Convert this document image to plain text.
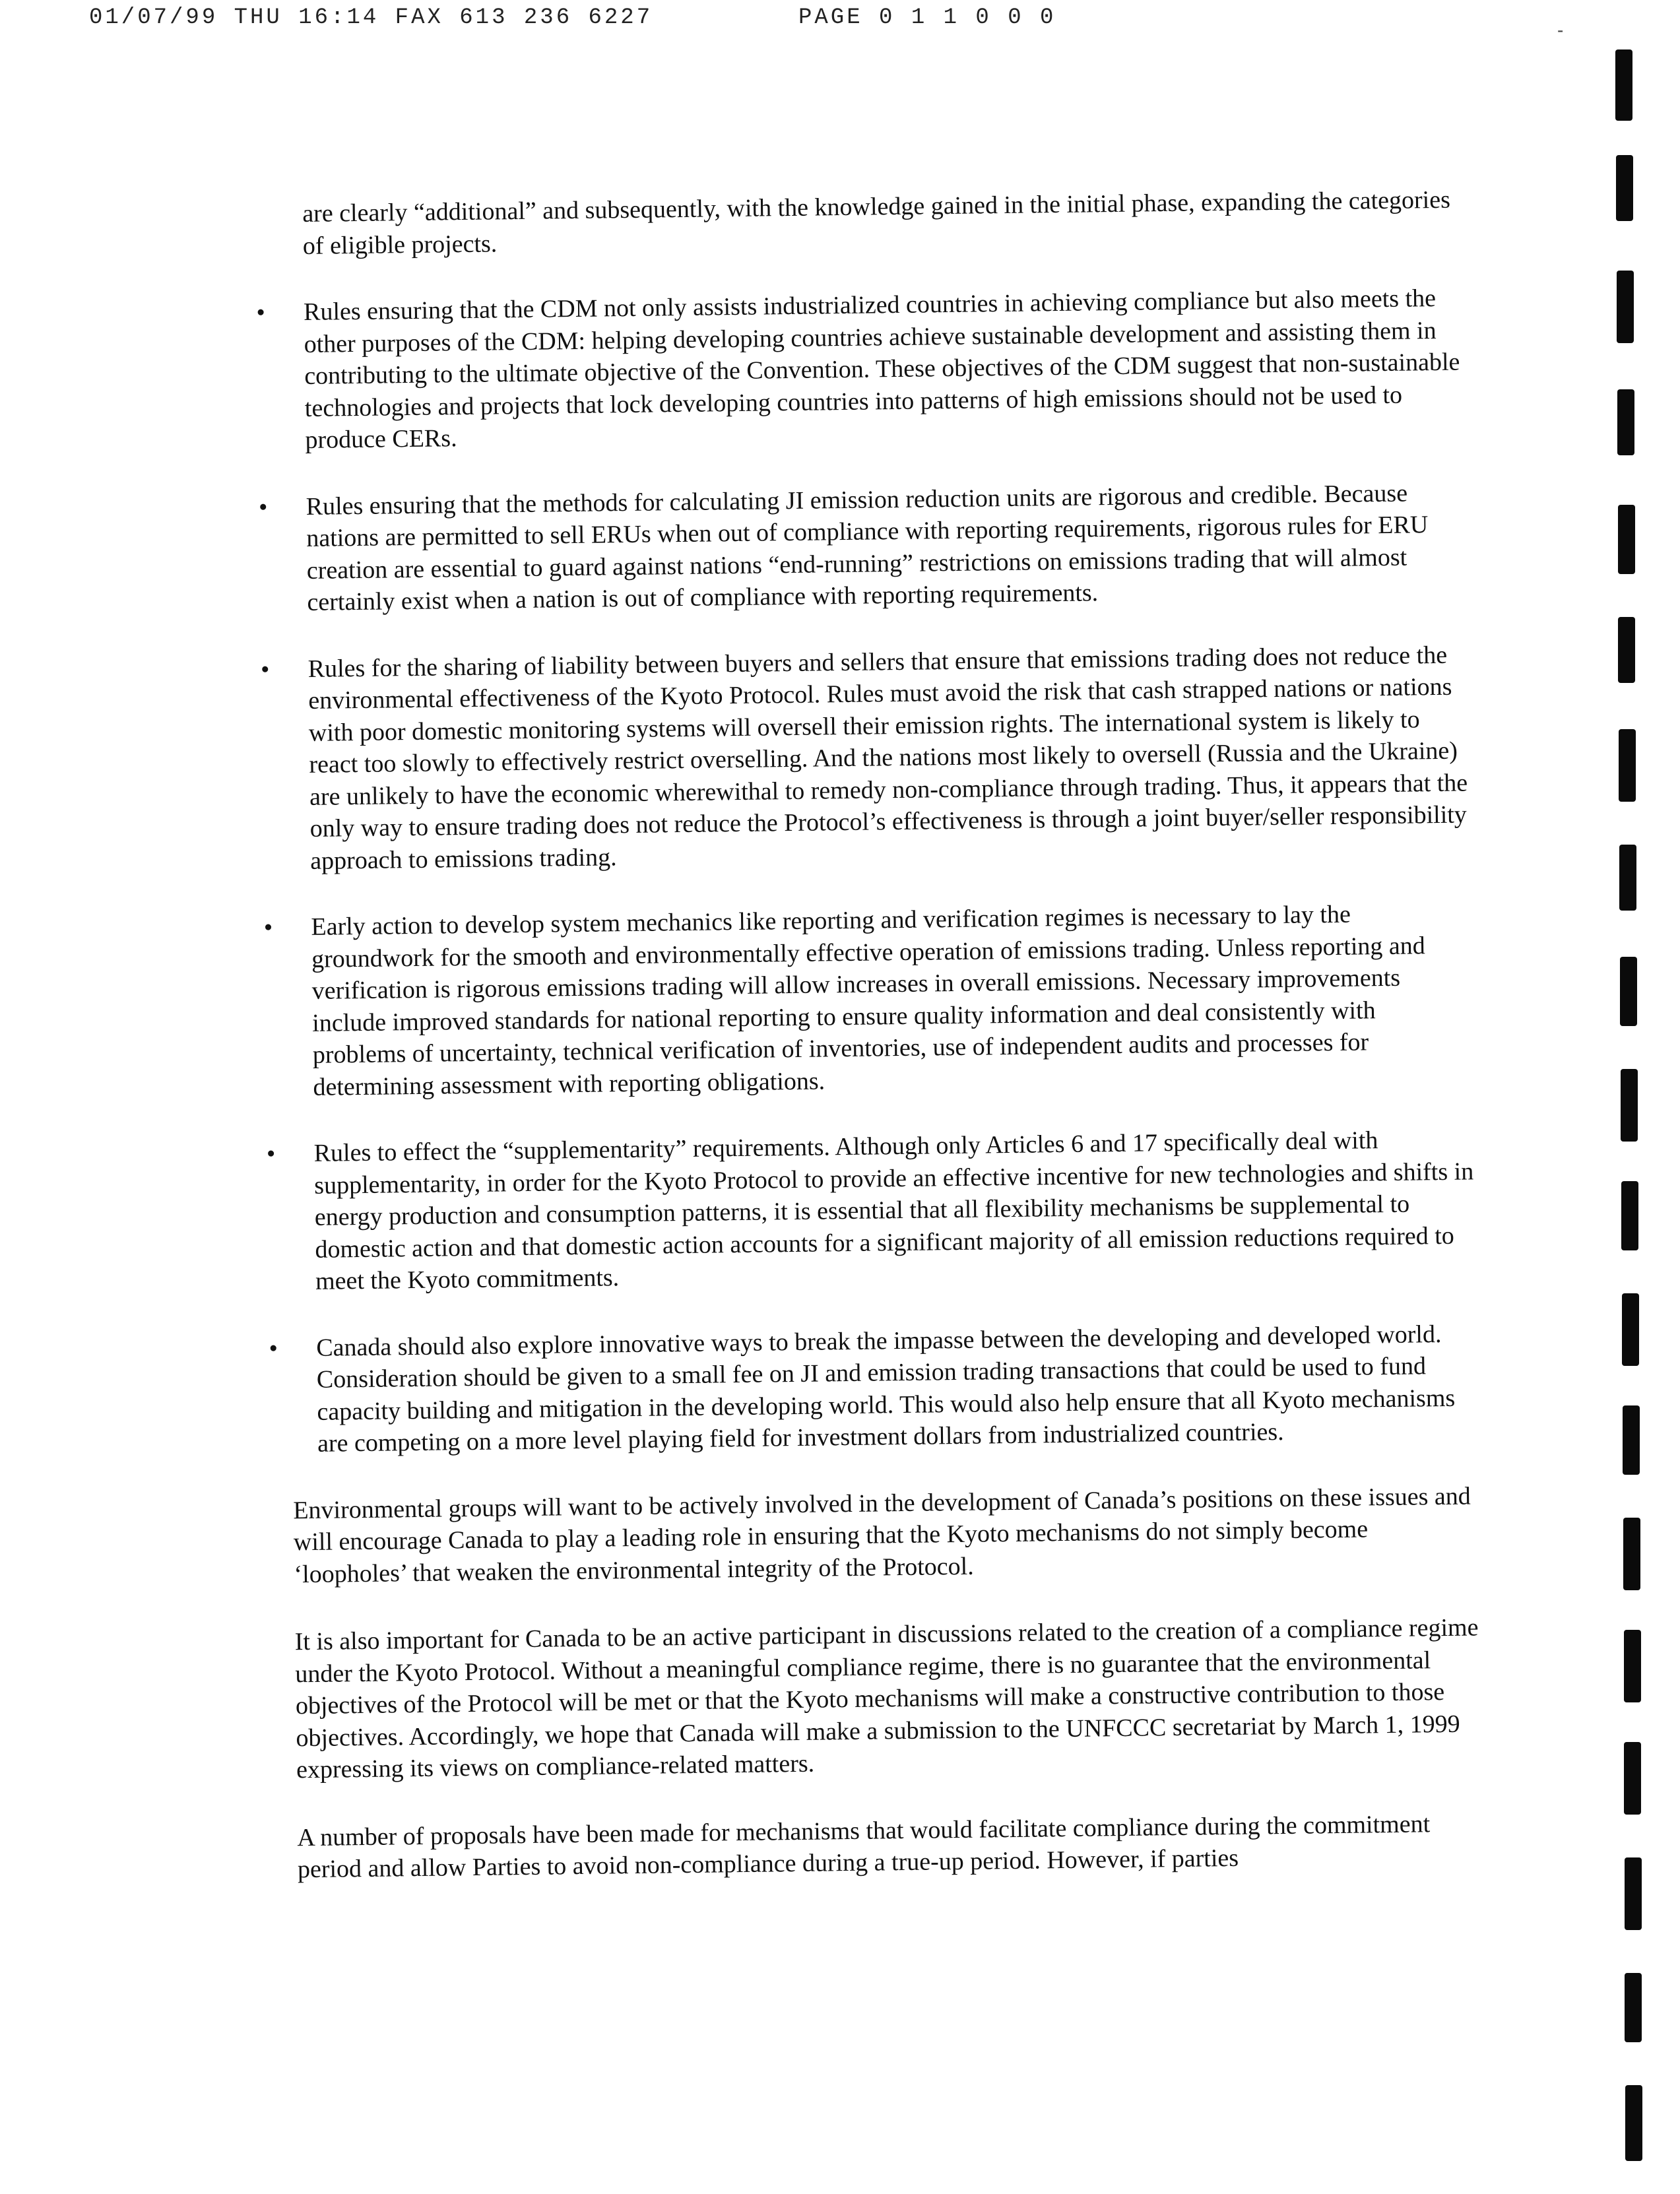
01/07/99 THU 16:14 FAX 613 236 6227	PAGE 0 1 1 0 0 0	-

are clearly “additional” and subsequently, with the knowledge gained in the initial phase, expanding the categories of eligible projects.

• Rules ensuring that the CDM not only assists industrialized countries in achieving compliance but also meets the other purposes of the CDM: helping developing countries achieve sustainable development and assisting them in contributing to the ultimate objective of the Convention. These objectives of the CDM suggest that non-sustainable technologies and projects that lock developing countries into patterns of high emissions should not be used to produce CERs.
• Rules ensuring that the methods for calculating JI emission reduction units are rigorous and credible. Because nations are permitted to sell ERUs when out of compliance with reporting requirements, rigorous rules for ERU creation are essential to guard against nations “end-running” restrictions on emissions trading that will almost certainly exist when a nation is out of compliance with reporting requirements.
• Rules for the sharing of liability between buyers and sellers that ensure that emissions trading does not reduce the environmental effectiveness of the Kyoto Protocol. Rules must avoid the risk that cash strapped nations or nations with poor domestic monitoring systems will oversell their emission rights. The international system is likely to react too slowly to effectively restrict overselling. And the nations most likely to oversell (Russia and the Ukraine) are unlikely to have the economic wherewithal to remedy non-compliance through trading. Thus, it appears that the only way to ensure trading does not reduce the Protocol’s effectiveness is through a joint buyer/seller responsibility approach to emissions trading.
• Early action to develop system mechanics like reporting and verification regimes is necessary to lay the groundwork for the smooth and environmentally effective operation of emissions trading. Unless reporting and verification is rigorous emissions trading will allow increases in overall emissions. Necessary improvements include improved standards for national reporting to ensure quality information and deal consistently with problems of uncertainty, technical verification of inventories, use of independent audits and processes for determining assessment with reporting obligations.
• Rules to effect the “supplementarity” requirements. Although only Articles 6 and 17 specifically deal with supplementarity, in order for the Kyoto Protocol to provide an effective incentive for new technologies and shifts in energy production and consumption patterns, it is essential that all flexibility mechanisms be supplemental to domestic action and that domestic action accounts for a significant majority of all emission reductions required to meet the Kyoto commitments.
• Canada should also explore innovative ways to break the impasse between the developing and developed world. Consideration should be given to a small fee on JI and emission trading transactions that could be used to fund capacity building and mitigation in the developing world. This would also help ensure that all Kyoto mechanisms are competing on a more level playing field for investment dollars from industrialized countries.

Environmental groups will want to be actively involved in the development of Canada’s positions on these issues and will encourage Canada to play a leading role in ensuring that the Kyoto mechanisms do not simply become ‘loopholes’ that weaken the environmental integrity of the Protocol.

It is also important for Canada to be an active participant in discussions related to the creation of a compliance regime under the Kyoto Protocol. Without a meaningful compliance regime, there is no guarantee that the environmental objectives of the Protocol will be met or that the Kyoto mechanisms will make a constructive contribution to those objectives. Accordingly, we hope that Canada will make a submission to the UNFCCC secretariat by March 1, 1999 expressing its views on compliance-related matters.

A number of proposals have been made for mechanisms that would facilitate compliance during the commitment period and allow Parties to avoid non-compliance during a true-up period. However, if parties
